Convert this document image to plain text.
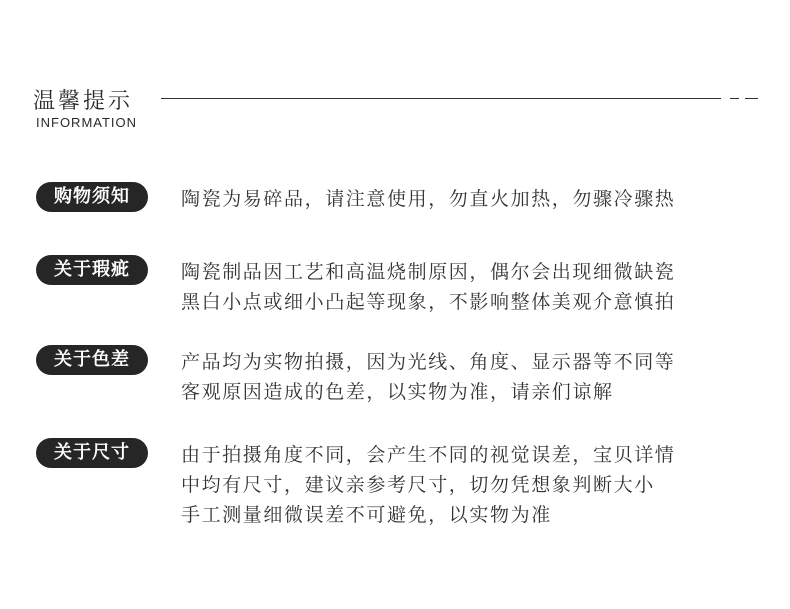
温馨提示
INFORMATION
购物须知	陶瓷为易碎品，请注意使用，勿直火加热，勿骤冷骤热
关于瑕疵	陶瓷制品因工艺和高温烧制原因，偶尔会出现细微缺瓷
黑白小点或细小凸起等现象，不影响整体美观介意慎拍
关于色差	产品均为实物拍摄，因为光线、角度、显示器等不同等
客观原因造成的色差，以实物为准，请亲们谅解
关于尺寸	由于拍摄角度不同，会产生不同的视觉误差，宝贝详情
中均有尺寸，建议亲参考尺寸，切勿凭想象判断大小
手工测量细微误差不可避免，以实物为准
